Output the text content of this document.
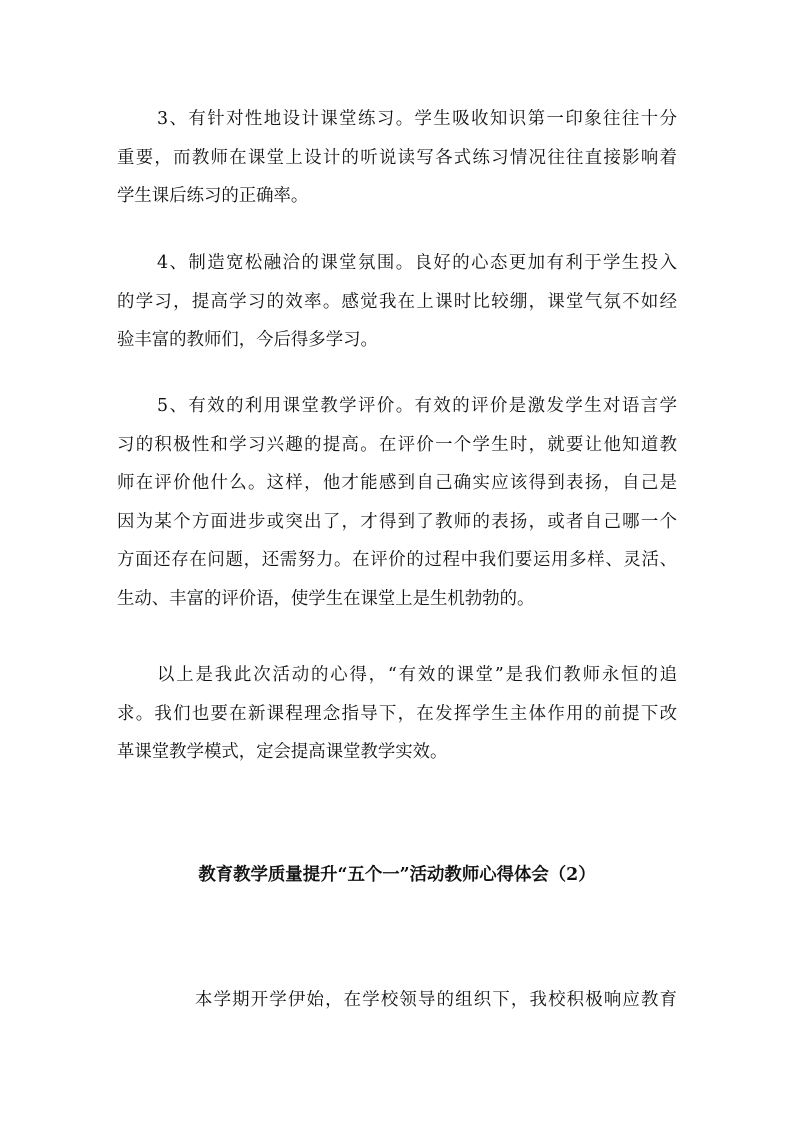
3、有针对性地设计课堂练习。学生吸收知识第一印象往往十分
重要，而教师在课堂上设计的听说读写各式练习情况往往直接影响着
学生课后练习的正确率。
4、制造宽松融洽的课堂氛围。良好的心态更加有利于学生投入
的学习，提高学习的效率。感觉我在上课时比较绷，课堂气氛不如经
验丰富的教师们，今后得多学习。
5、有效的利用课堂教学评价。有效的评价是激发学生对语言学
习的积极性和学习兴趣的提高。在评价一个学生时，就要让他知道教
师在评价他什么。这样，他才能感到自己确实应该得到表扬，自己是
因为某个方面进步或突出了，才得到了教师的表扬，或者自己哪一个
方面还存在问题，还需努力。在评价的过程中我们要运用多样、灵活、
生动、丰富的评价语，使学生在课堂上是生机勃勃的。
以上是我此次活动的心得，“有效的课堂”是我们教师永恒的追
求。我们也要在新课程理念指导下，在发挥学生主体作用的前提下改
革课堂教学模式，定会提高课堂教学实效。
教育教学质量提升“五个一”活动教师心得体会（2）
本学期开学伊始，在学校领导的组织下，我校积极响应教育
